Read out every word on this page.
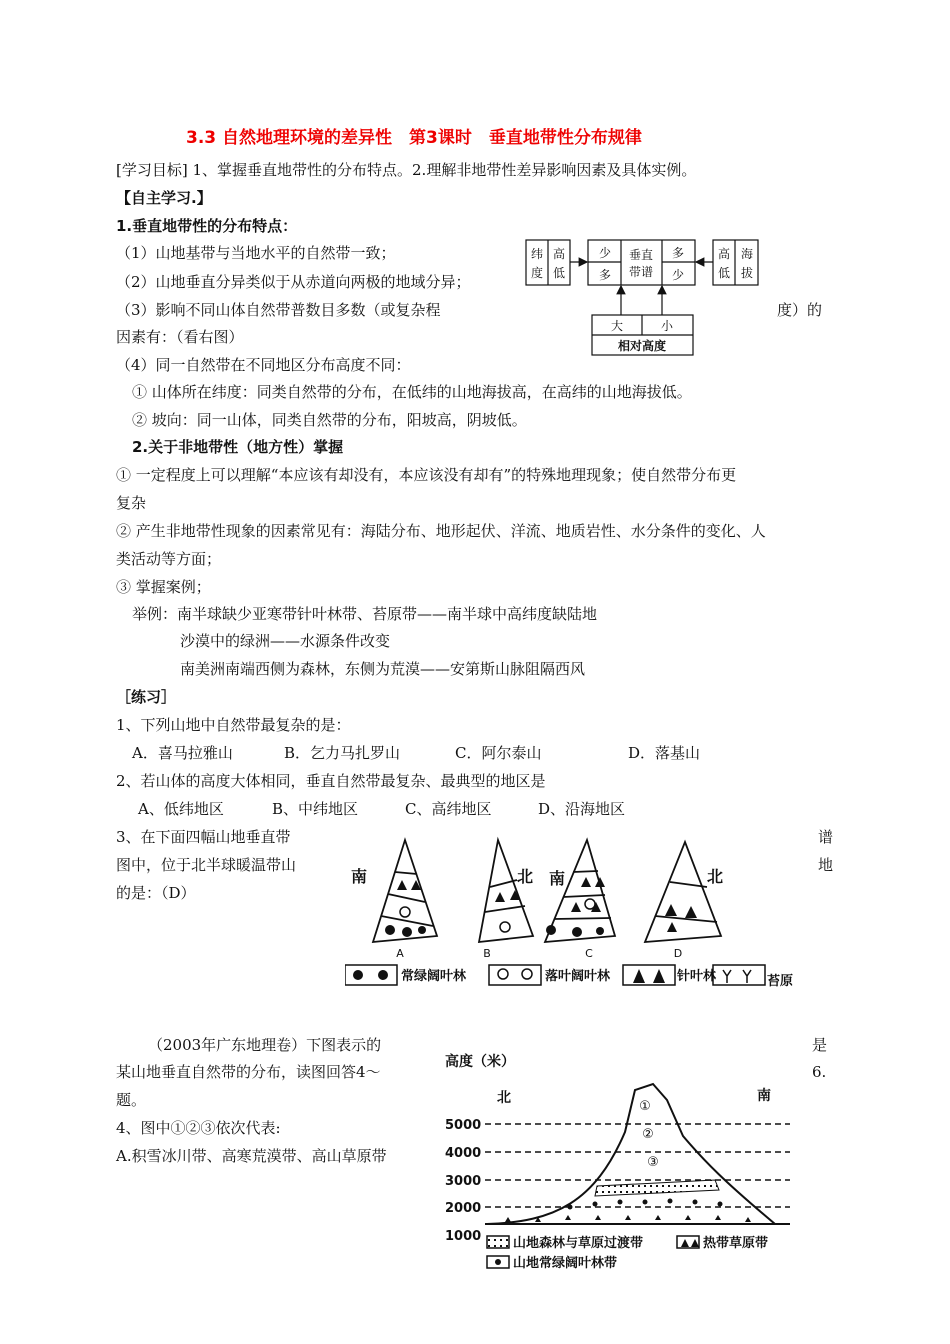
3.3 自然地理环境的差异性　第3课时　垂直地带性分布规律
[学习目标] 1、掌握垂直地带性的分布特点。2.理解非地带性差异影响因素及具体实例。
【自主学习.】
1.垂直地带性的分布特点：
（1）山地基带与当地水平的自然带一致；
（2）山地垂直分异类似于从赤道向两极的地域分异；
（3）影响不同山体自然带普数目多数（或复杂程	度）的
因素有：（看右图）
（4）同一自然带在不同地区分布高度不同：
① 山体所在纬度：同类自然带的分布，在低纬的山地海拔高，在高纬的山地海拔低。
② 坡向：同一山体，同类自然带的分布，阳坡高，阴坡低。
纬
度
高
低
少
多
垂直
带谱
多
少
高
低
海
拔
大	小
相对高度
2.关于非地带性（地方性）掌握
① 一定程度上可以理解“本应该有却没有，本应该没有却有”的特殊地理现象；使自然带分布更
复杂
② 产生非地带性现象的因素常见有：海陆分布、地形起伏、洋流、地质岩性、水分条件的变化、人
类活动等方面；
③ 掌握案例；
举例：南半球缺少亚寒带针叶林带、苔原带——南半球中高纬度缺陆地
沙漠中的绿洲——水源条件改变
南美洲南端西侧为森林，东侧为荒漠——安第斯山脉阻隔西风
［练习］
1、下列山地中自然带最复杂的是：
A．喜马拉雅山	B．乞力马扎罗山	C．阿尔泰山	D．落基山
2、若山体的高度大体相同，垂直自然带最复杂、最典型的地区是
A、低纬地区	B、中纬地区	C、高纬地区	D、沿海地区
3、在下面四幅山地垂直带	谱
图中，位于北半球暖温带山	地
的是：（D）
南	北 南	北
A	B	C	D
常绿阔叶林	落叶阔叶林	针叶林	苔原
（2003年广东地理卷）下图表示的	是
某山地垂直自然带的分布，读图回答4～	6.
题。
4、图中①②③依次代表:
A.积雪冰川带、高寒荒漠带、高山草原带
高度（米）
5000
4000
3000
2000
1000
北	南
①
②
③
山地森林与草原过渡带	热带草原带
山地常绿阔叶林带
